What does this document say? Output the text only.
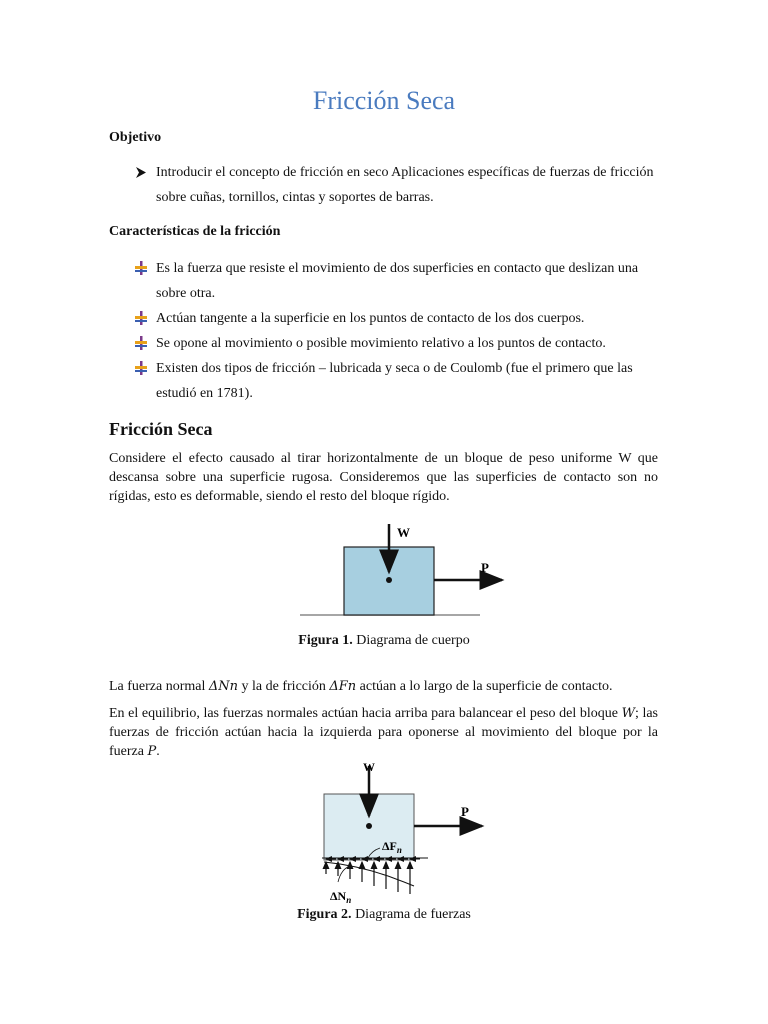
Fricción Seca
Objetivo
Introducir el concepto de fricción en seco Aplicaciones específicas de fuerzas de fricción sobre cuñas, tornillos, cintas y soportes de barras.
Características de la fricción
Es la fuerza que resiste el movimiento de dos superficies en contacto que deslizan una sobre otra.
Actúan tangente a la superficie en los puntos de contacto de los dos cuerpos.
Se opone al movimiento o posible movimiento relativo a los puntos de contacto.
Existen dos tipos de fricción – lubricada y seca o de Coulomb (fue el primero que las estudió en 1781).
Fricción Seca

Considere el efecto causado al tirar horizontalmente de un bloque de peso uniforme W que descansa sobre una superficie rugosa. Consideremos que las superficies de contacto son no rígidas, esto es deformable, siendo el resto del bloque rígido.

W
P

Figura 1. Diagrama de cuerpo

La fuerza normal ΔNn y la de fricción ΔFn actúan a lo largo de la superficie de contacto.

En el equilibrio, las fuerzas normales actúan hacia arriba para balancear el peso del bloque W; las fuerzas de fricción actúan hacia la izquierda para oponerse al movimiento del bloque por la fuerza P.

P
W
$\Delta F_n$
$\Delta N_n$

Figura 2. Diagrama de fuerzas
